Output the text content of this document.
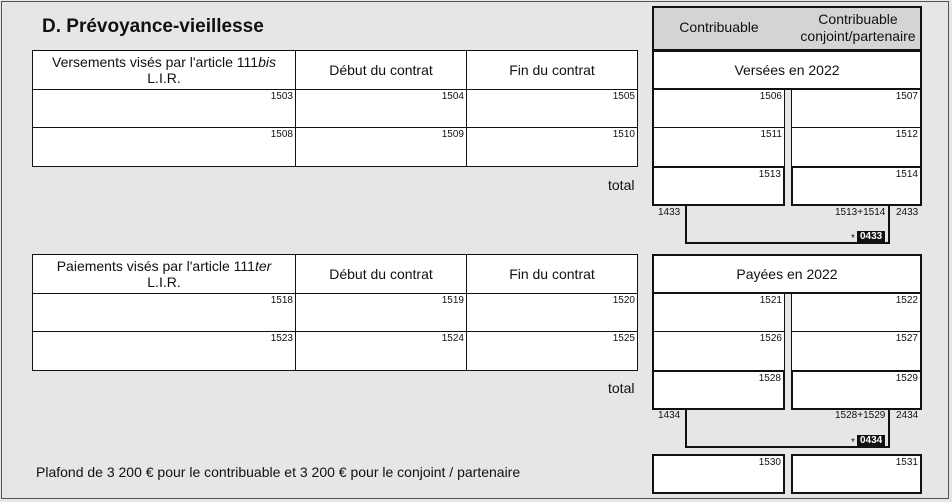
D. Prévoyance-vieillesse	Contribuable	Contribuable conjoint/partenaire
Versements visés par l'article 111bis
L.I.R.	Début du contrat	Fin du contrat	Versées en 2022
1503	1504	1505	1506	1507
1508	1509	1510	1511	1512
total
1513	1514
1433	1513+1514 2433
* 0433
Paiements visés par l'article 111ter
L.I.R.	Début du contrat	Fin du contrat	Payées en 2022
1518	1519	1520	1521	1522
1523	1524	1525	1526	1527
total
1528	1529
1434	1528+1529 2434
* 0434
Plafond de 3 200 € pour le contribuable et 3 200 € pour le conjoint / partenaire
1530	1531
